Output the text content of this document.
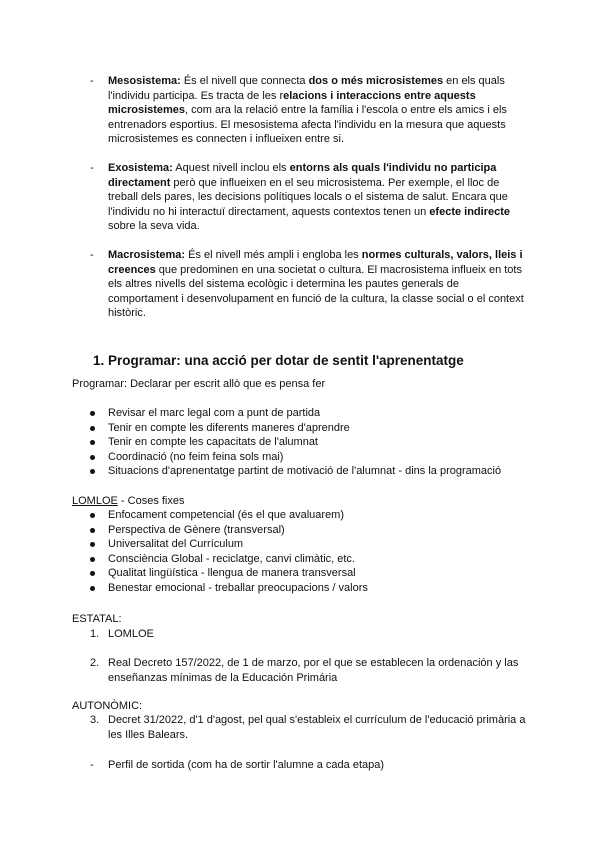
Mesosistema: És el nivell que connecta dos o més microsistemes en els quals l'individu participa. Es tracta de les relacions i interaccions entre aquests microsistemes, com ara la relació entre la família i l'escola o entre els amics i els entrenadors esportius. El mesosistema afecta l'individu en la mesura que aquests microsistemes es connecten i influeixen entre si.
-
Exosistema: Aquest nivell inclou els entorns als quals l'individu no participa directament però que influeixen en el seu microsistema. Per exemple, el lloc de treball dels pares, les decisions polítiques locals o el sistema de salut. Encara que l'individu no hi interactuï directament, aquests contextos tenen un efecte indirecte sobre la seva vida.
-
Macrosistema: És el nivell més ampli i engloba les normes culturals, valors, lleis i creences que predominen en una societat o cultura. El macrosistema influeix en tots els altres nivells del sistema ecològic i determina les pautes generals de comportament i desenvolupament en funció de la cultura, la classe social o el context històric.
-
1. Programar: una acció per dotar de sentit l'aprenentatge
Programar: Declarar per escrit allò que es pensa fer
Revisar el marc legal com a punt de partida
Tenir en compte les diferents maneres d'aprendre
Tenir en compte les capacitats de l'alumnat
Coordinació (no feim feina sols mai)
Situacions d'aprenentatge partint de motivació de l'alumnat - dins la programació
LOMLOE - Coses fixes
Enfocament competencial (és el que avaluarem)
Perspectiva de Gènere (transversal)
Universalitat del Currículum
Consciència Global - reciclatge, canvi climàtic, etc.
Qualitat lingüística - llengua de manera transversal
Benestar emocional - treballar preocupacions / valors
ESTATAL:
1. LOMLOE
2. Real Decreto 157/2022, de 1 de marzo, por el que se establecen la ordenación y las enseñanzas mínimas de la Educación Primária
AUTONÒMIC:
3. Decret 31/2022, d'1 d'agost, pel qual s'estableix el currículum de l'educació primària a les Illes Balears.
- Perfil de sortida (com ha de sortir l'alumne a cada etapa)
